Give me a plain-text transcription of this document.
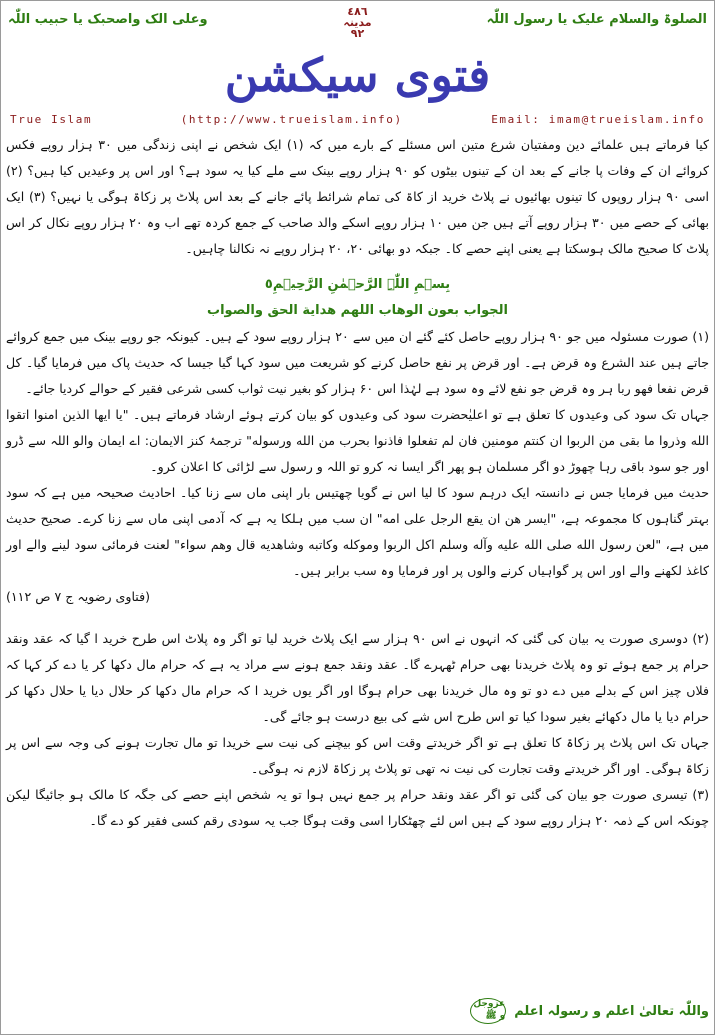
الصلوۃ والسلام علیک یا رسول اللّٰہ
٤٨٦
مدینہ
٩٢
وعلی الک واصحبک یا حبیب اللّٰہ
فتوی سیکشن
True Islam	(http://www.trueislam.info)	Email: imam@trueislam.info

کیا فرماتے ہیں علمائے دین ومفتیان شرع متین اس مسئلے کے بارے میں کہ (۱) ایک شخص نے اپنی زندگی میں ۳۰ ہزار روپے فکس کروائے ان کے وفات پا جانے کے بعد ان کے تینوں بیٹوں کو ۹۰ ہزار روپے بینک سے ملے کیا یہ سود ہے؟ اور اس پر وعیدیں کیا ہیں؟ (۲) اسی ۹۰ ہزار روپوں کا تینوں بھائیوں نے پلاٹ خرید از کاۃ کی تمام شرائط پائے جانے کے بعد اس پلاٹ پر زکاۃ ہوگی یا نہیں؟ (۳) ایک بھائی کے حصے میں ۳۰ ہزار روپے آتے ہیں جن میں ۱۰ ہزار روپے اسکے والد صاحب کے جمع کردہ تھے اب وہ ۲۰ ہزار روپے نکال کر اس پلاٹ کا صحیح مالک ہوسکتا ہے یعنی اپنے حصے کا۔ جبکہ دو بھائی ۲۰، ۲۰ ہزار روپے نہ نکالنا چاہیں۔

بِسۡمِ اللّٰہِ الرَّحۡمٰنِ الرَّحِیۡمِ٥

الجواب بعون الوهاب اللهم هداية الحق والصواب

(۱) صورت مسئولہ میں جو ۹۰ ہزار روپے حاصل کئے گئے ان میں سے ۲۰ ہزار روپے سود کے ہیں۔ کیونکہ جو روپے بینک میں جمع کروائے جاتے ہیں عند الشرع وہ قرض ہے۔ اور قرض پر نفع حاصل کرنے کو شریعت میں سود کہا گیا جیسا کہ حدیث پاک میں فرمایا گیا۔ کل قرض نفعا فهو ربا ہر وہ قرض جو نفع لائے وہ سود ہے لہٰذا اس ۶۰ ہزار کو بغیر نیت ثواب کسی شرعی فقیر کے حوالے کردیا جائے۔

جہاں تک سود کی وعیدوں کا تعلق ہے تو اعلیٰحضرت سود کی وعیدوں کو بیان کرتے ہوئے ارشاد فرماتے ہیں۔ "یا ایها الذین امنوا اتقوا الله وذروا ما بقی من الربوا ان کنتم مومنین فان لم تفعلوا فاذنوا بحرب من الله ورسوله" ترجمۂ کنز الایمان: اے ایمان والو اللہ سے ڈرو اور جو سود باقی رہا چھوڑ دو اگر مسلمان ہو پھر اگر ایسا نہ کرو تو اللہ و رسول سے لڑائی کا اعلان کرو۔

حدیث میں فرمایا جس نے دانستہ ایک درہم سود کا لیا اس نے گویا چھتیس بار اپنی ماں سے زنا کیا۔ احادیث صحیحہ میں ہے کہ سود بہتر گناہوں کا مجموعہ ہے، "ایسر هن ان یقع الرجل علی امه" ان سب میں ہلکا یہ ہے کہ آدمی اپنی ماں سے زنا کرے۔ صحیح حدیث میں ہے، "لعن رسول الله صلی الله علیه وآله وسلم اکل الربوا وموکله وکاتبه وشاهدیه قال وهم سواء" لعنت فرمائی سود لینے والے اور کاغذ لکھنے والے اور اس پر گواہیاں کرنے والوں پر اور فرمایا وہ سب برابر ہیں۔

(فتاوی رضویہ ج ۷ ص ۱۱۲)

(۲) دوسری صورت یہ بیان کی گئی کہ انہوں نے اس ۹۰ ہزار سے ایک پلاٹ خرید لیا تو اگر وہ پلاٹ اس طرح خرید ا گیا کہ عقد ونقد حرام پر جمع ہوئے تو وہ پلاٹ خریدنا بھی حرام ٹھہرے گا۔ عقد ونقد جمع ہونے سے مراد یہ ہے کہ حرام مال دکھا کر یا دے کر کہا کہ فلاں چیز اس کے بدلے میں دے دو تو وہ مال خریدنا بھی حرام ہوگا اور اگر یوں خرید ا کہ حرام مال دکھا کر حلال دیا یا حلال دکھا کر حرام دیا یا مال دکھائے بغیر سودا کیا تو اس طرح اس شے کی بیع درست ہو جائے گی۔

جہاں تک اس پلاٹ پر زکاۃ کا تعلق ہے تو اگر خریدتے وقت اس کو بیچنے کی نیت سے خریدا تو مال تجارت ہونے کی وجہ سے اس پر زکاۃ ہوگی۔ اور اگر خریدتے وقت تجارت کی نیت نہ تھی تو پلاٹ پر زکاۃ لازم نہ ہوگی۔

(۳) تیسری صورت جو بیان کی گئی تو اگر عقد ونقد حرام پر جمع نہیں ہوا تو یہ شخص اپنے حصے کی جگہ کا مالک ہو جائیگا لیکن چونکہ اس کے ذمہ ۲۰ ہزار روپے سود کے ہیں اس لئے چھٹکارا اسی وقت ہوگا جب یہ سودی رقم کسی فقیر کو دے گا۔

واللّٰہ تعالیٰ اعلم و رسولہ اعلم
عزوجل و ﷺ
